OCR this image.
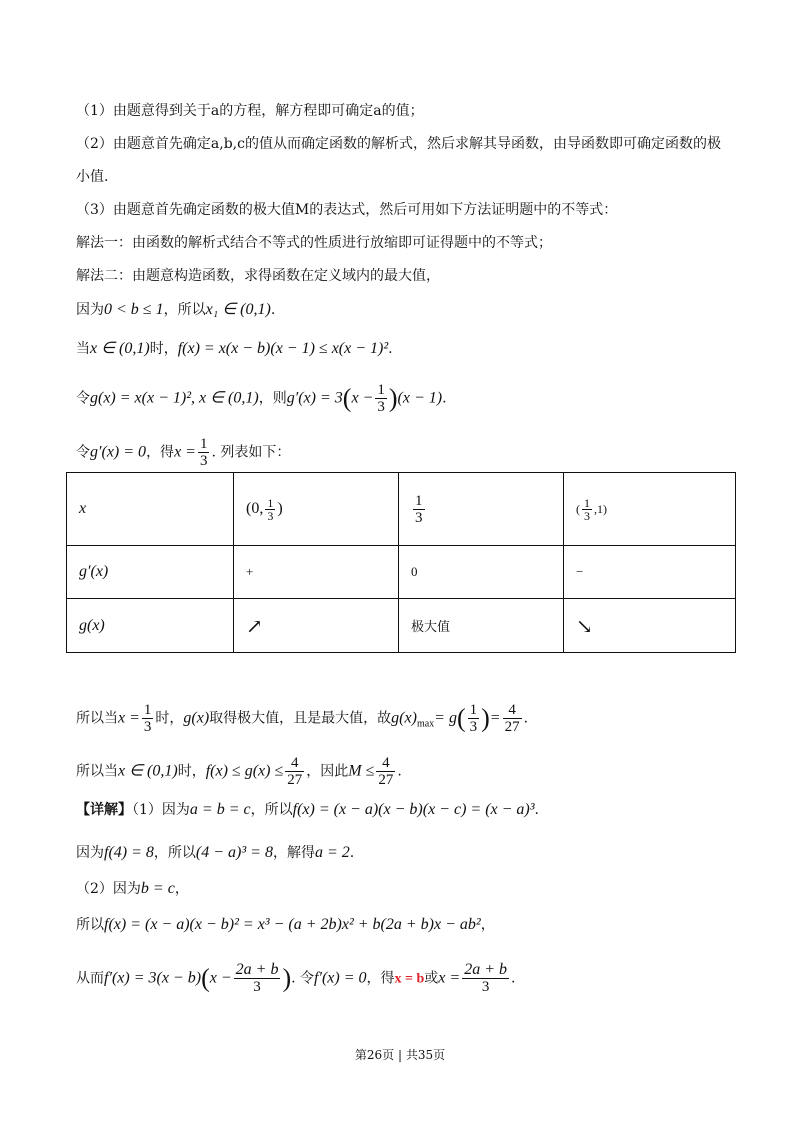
（1）由题意得到关于a的方程，解方程即可确定a的值；
（2）由题意首先确定a,b,c的值从而确定函数的解析式，然后求解其导函数，由导函数即可确定函数的极
小值.
（3）由题意首先确定函数的极大值M的表达式，然后可用如下方法证明题中的不等式：
解法一：由函数的解析式结合不等式的性质进行放缩即可证得题中的不等式；
解法二：由题意构造函数，求得函数在定义域内的最大值，
因为0 < b ≤ 1，所以x₁ ∈ (0,1).
当x ∈ (0,1)时，f(x) = x(x − b)(x − 1) ≤ x(x − 1)².
令g(x) = x(x − 1)², x ∈ (0,1)，则$g'(x) = 3(x - \frac{1}{3} )(x - 1)$.
令g′(x) = 0，得$x = \frac{1}{3}$ . 列表如下：
x	(0, $\frac{1}{3}$ )	$\frac{1}{3}$	( $\frac{1}{3} ,1$)
g′(x)	+	0	−
g(x)	↗	极大值	↘
所以当$x = \frac{1}{3}$ 时，g(x)取得极大值，且是最大值，故$g(x)_{max}= g( \frac{1}{3}$ )= $\frac{4}{27}$ .
所以当x ∈ (0,1)时，$f(x) \le g(x) \le \frac{4}{27}$ ，因此$M \le \frac{4}{27}$ .
【详解】（1）因为a = b = c，所以f(x) = (x − a)(x − b)(x − c) = (x − a)³.
因为f(4) = 8，所以(4 − a)³ = 8，解得a = 2.
（2）因为b = c，
所以f(x) = (x − a)(x − b)² = x³ − (a + 2b)x² + b(2a + b)x − ab²，
从而$f'(x) = 3(x - b)(x - \frac{2a + b}{3}$ ). 令f′(x) = 0，得x = b或$x = \frac{2a + b}{3}$ .
第26页 | 共35页
